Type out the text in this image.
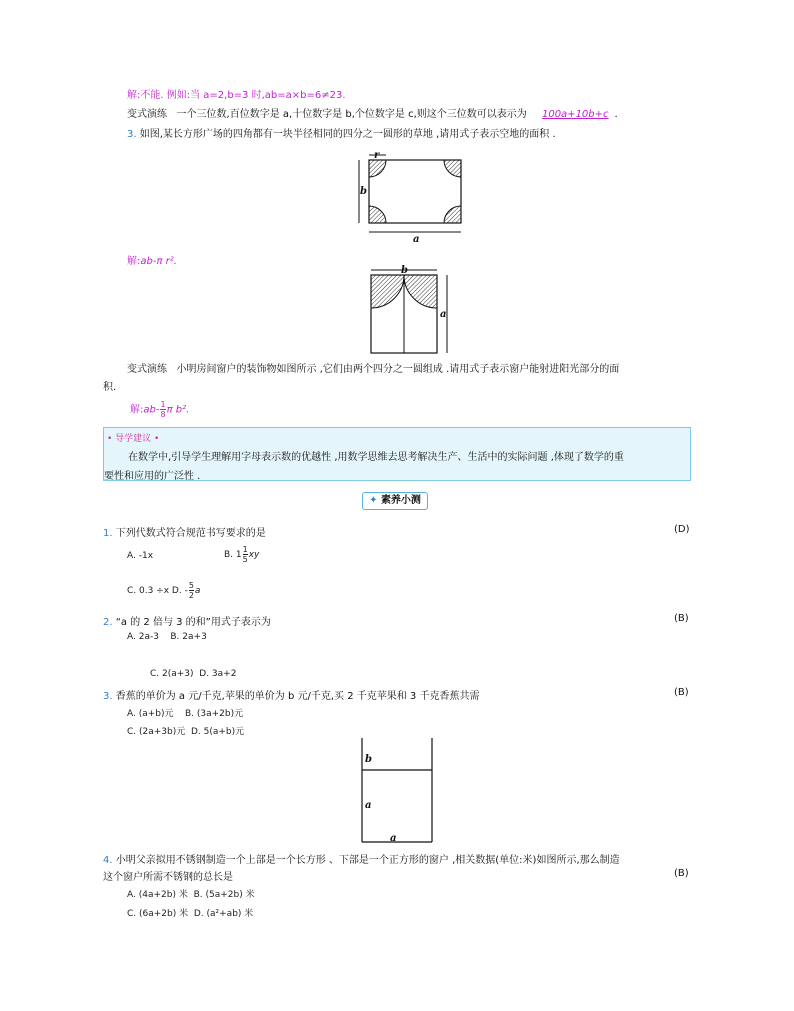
解:不能. 例如:当 a=2,b=3 时,ab=a×b=6≠23.
变式演练 一个三位数,百位数字是 a,十位数字是 b,个位数字是 c,则这个三位数可以表示为 100a+10b+c .
3. 如图,某长方形广场的四角都有一块半径相同的四分之一圆形的草地 ,请用式子表示空地的面积 .
r
b
a
解:ab-π r².
b
a
变式演练 小明房间窗户的装饰物如图所示 ,它们由两个四分之一圆组成 .请用式子表示窗户能射进阳光部分的面
积.
解:ab- $\frac{1}{8}$ π b².
• 导学建议 •
在数学中,引导学生理解用字母表示数的优越性 ,用数学思维去思考解决生产、生活中的实际问题 ,体现了数学的重
要性和应用的广泛性 .
✦ 素养小测
1. 下列代数式符合规范书写要求的是	(D)
A. -1x	B. $1 \frac{1}{5}$ xy
C. 0.3 ÷x D. - $\frac{5}{2}$ a
2. “a 的 2 倍与 3 的和”用式子表示为	(B)
A. 2a-3 B. 2a+3
C. 2(a+3) D. 3a+2
3. 香蕉的单价为 a 元/千克,苹果的单价为 b 元/千克,买 2 千克苹果和 3 千克香蕉共需	(B)
A. (a+b)元 B. (3a+2b)元
C. (2a+3b)元 D. 5(a+b)元
b
a
a
4. 小明父亲拟用不锈钢制造一个上部是一个长方形 、下部是一个正方形的窗户 ,相关数据(单位:米)如图所示,那么制造
这个窗户所需不锈钢的总长是	(B)
A. (4a+2b) 米 B. (5a+2b) 米
C. (6a+2b) 米 D. (a²+ab) 米
